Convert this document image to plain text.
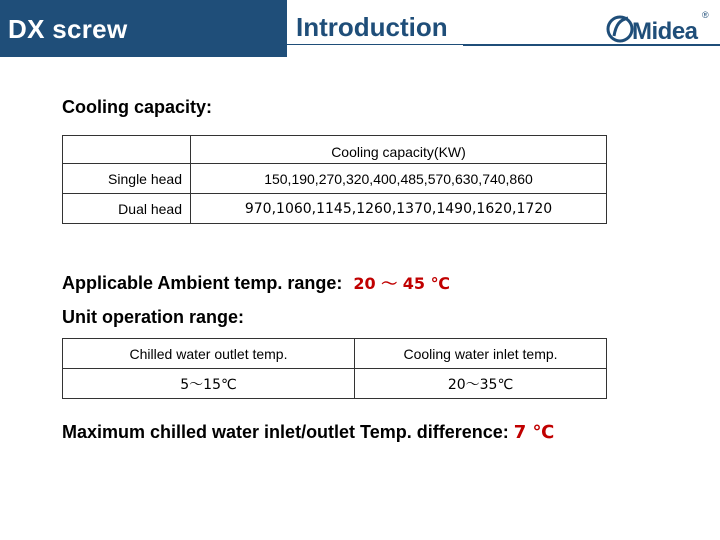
DX screw	Introduction	Midea
®
Cooling capacity:
	Cooling capacity(KW)
Single head	150,190,270,320,400,485,570,630,740,860
Dual head	970,1060,1145,1260,1370,1490,1620,1720
Applicable Ambient temp. range: 20 ～ 45 ℃
Unit operation range:
Chilled water outlet temp.	Cooling water inlet temp.
5～15℃	20～35℃
Maximum chilled water inlet/outlet Temp. difference: 7 ℃
